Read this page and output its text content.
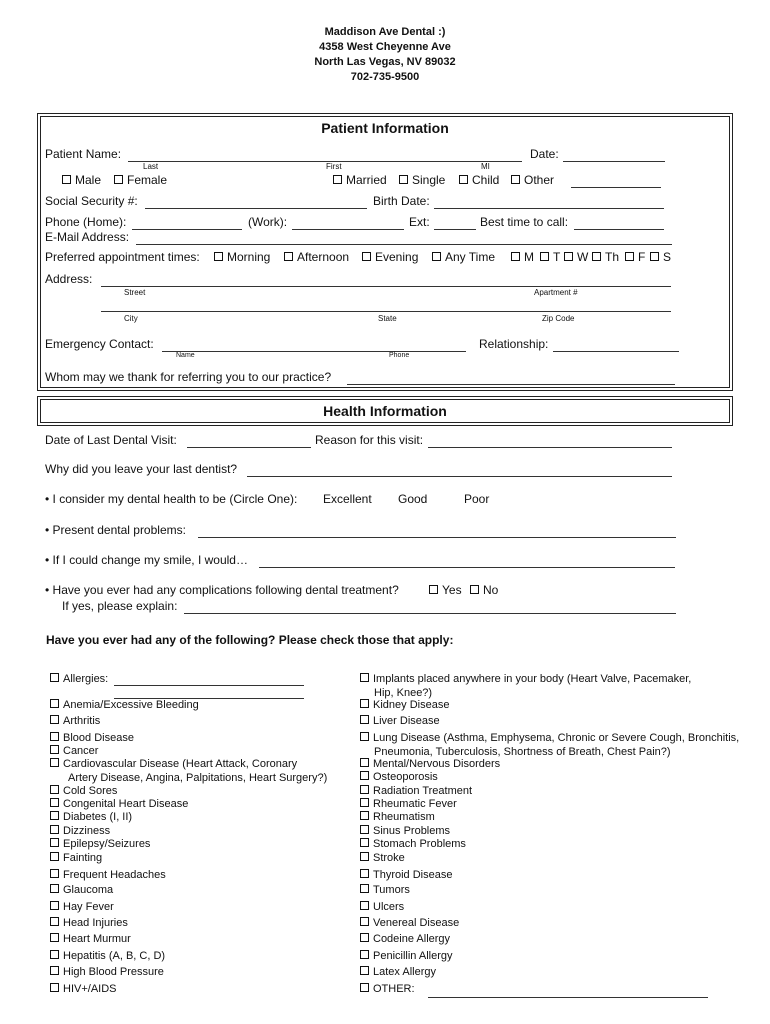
Maddison Ave Dental :)
4358 West Cheyenne Ave
North Las Vegas, NV 89032
702-735-9500
Patient Information
Patient Name:	Date:
Last	First	MI
Male	Female	Married	Single	Child	Other
Social Security #:	Birth Date:
Phone (Home):	(Work):	Ext:	Best time to call:
E-Mail Address:
Preferred appointment times:	Morning	Afternoon	Evening	Any Time	M	T	W	Th	F	S
Address:
Street	Apartment #
City	State	Zip Code
Emergency Contact:	Relationship:
Name	Phone
Whom may we thank for referring you to our practice?
Health Information
Date of Last Dental Visit:	Reason for this visit:
Why did you leave your last dentist?
• I consider my dental health to be (Circle One): Excellent Good	Poor
• Present dental problems:
• If I could change my smile, I would…
• Have you ever had any complications following dental treatment?	Yes	No
If yes, please explain:
Have you ever had any of the following? Please check those that apply:
Allergies:
Anemia/Excessive Bleeding
Arthritis
Blood Disease
Cancer
Cardiovascular Disease (Heart Attack, Coronary
Cold Sores
Congenital Heart Disease
Diabetes (I, II)
Dizziness
Epilepsy/Seizures
Fainting
Frequent Headaches
Glaucoma
Hay Fever
Head Injuries
Heart Murmur
Hepatitis (A, B, C, D)
High Blood Pressure
HIV+/AIDS
Artery Disease, Angina, Palpitations, Heart Surgery?)
Implants placed anywhere in your body (Heart Valve, Pacemaker,
Kidney Disease
Liver Disease
Lung Disease (Asthma, Emphysema, Chronic or Severe Cough, Bronchitis,
Mental/Nervous Disorders
Osteoporosis
Radiation Treatment
Rheumatic Fever
Rheumatism
Sinus Problems
Stomach Problems
Stroke
Thyroid Disease
Tumors
Ulcers
Venereal Disease
Codeine Allergy
Penicillin Allergy
Latex Allergy
OTHER:
Hip, Knee?)
Pneumonia, Tuberculosis, Shortness of Breath, Chest Pain?)
